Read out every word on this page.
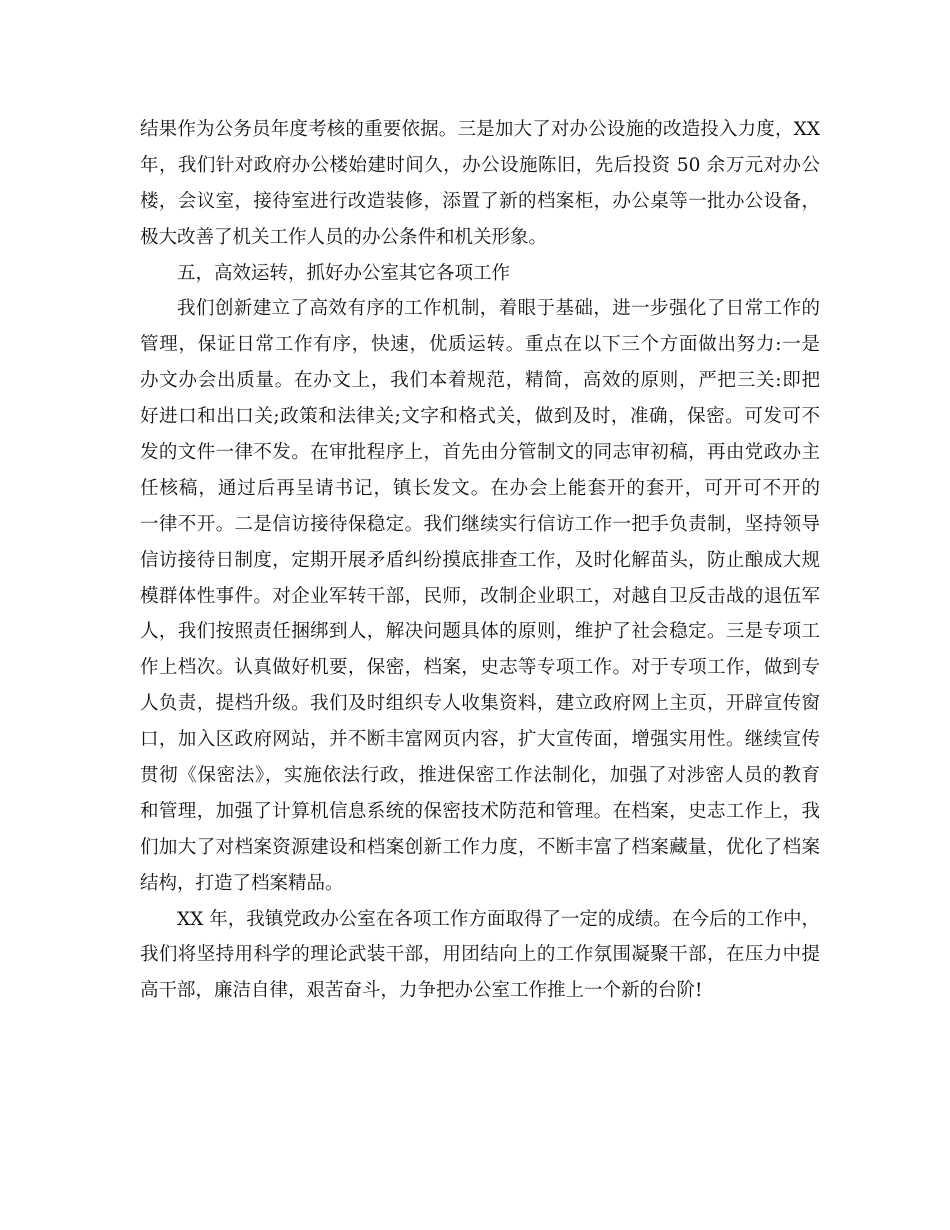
结果作为公务员年度考核的重要依据。三是加大了对办公设施的改造投入力度，XX
年，我们针对政府办公楼始建时间久，办公设施陈旧，先后投资 50 余万元对办公
楼，会议室，接待室进行改造装修，添置了新的档案柜，办公桌等一批办公设备，
极大改善了机关工作人员的办公条件和机关形象。
五，高效运转，抓好办公室其它各项工作
我们创新建立了高效有序的工作机制，着眼于基础，进一步强化了日常工作的
管理，保证日常工作有序，快速，优质运转。重点在以下三个方面做出努力:一是
办文办会出质量。在办文上，我们本着规范，精简，高效的原则，严把三关:即把
好进口和出口关;政策和法律关;文字和格式关，做到及时，准确，保密。可发可不
发的文件一律不发。在审批程序上，首先由分管制文的同志审初稿，再由党政办主
任核稿，通过后再呈请书记，镇长发文。在办会上能套开的套开，可开可不开的
一律不开。二是信访接待保稳定。我们继续实行信访工作一把手负责制，坚持领导
信访接待日制度，定期开展矛盾纠纷摸底排查工作，及时化解苗头，防止酿成大规
模群体性事件。对企业军转干部，民师，改制企业职工，对越自卫反击战的退伍军
人，我们按照责任捆绑到人，解决问题具体的原则，维护了社会稳定。三是专项工
作上档次。认真做好机要，保密，档案，史志等专项工作。对于专项工作，做到专
人负责，提档升级。我们及时组织专人收集资料，建立政府网上主页，开辟宣传窗
口，加入区政府网站，并不断丰富网页内容，扩大宣传面，增强实用性。继续宣传
贯彻《保密法》，实施依法行政，推进保密工作法制化，加强了对涉密人员的教育
和管理，加强了计算机信息系统的保密技术防范和管理。在档案，史志工作上，我
们加大了对档案资源建设和档案创新工作力度，不断丰富了档案藏量，优化了档案
结构，打造了档案精品。
XX 年，我镇党政办公室在各项工作方面取得了一定的成绩。在今后的工作中，
我们将坚持用科学的理论武装干部，用团结向上的工作氛围凝聚干部，在压力中提
高干部，廉洁自律，艰苦奋斗，力争把办公室工作推上一个新的台阶!
